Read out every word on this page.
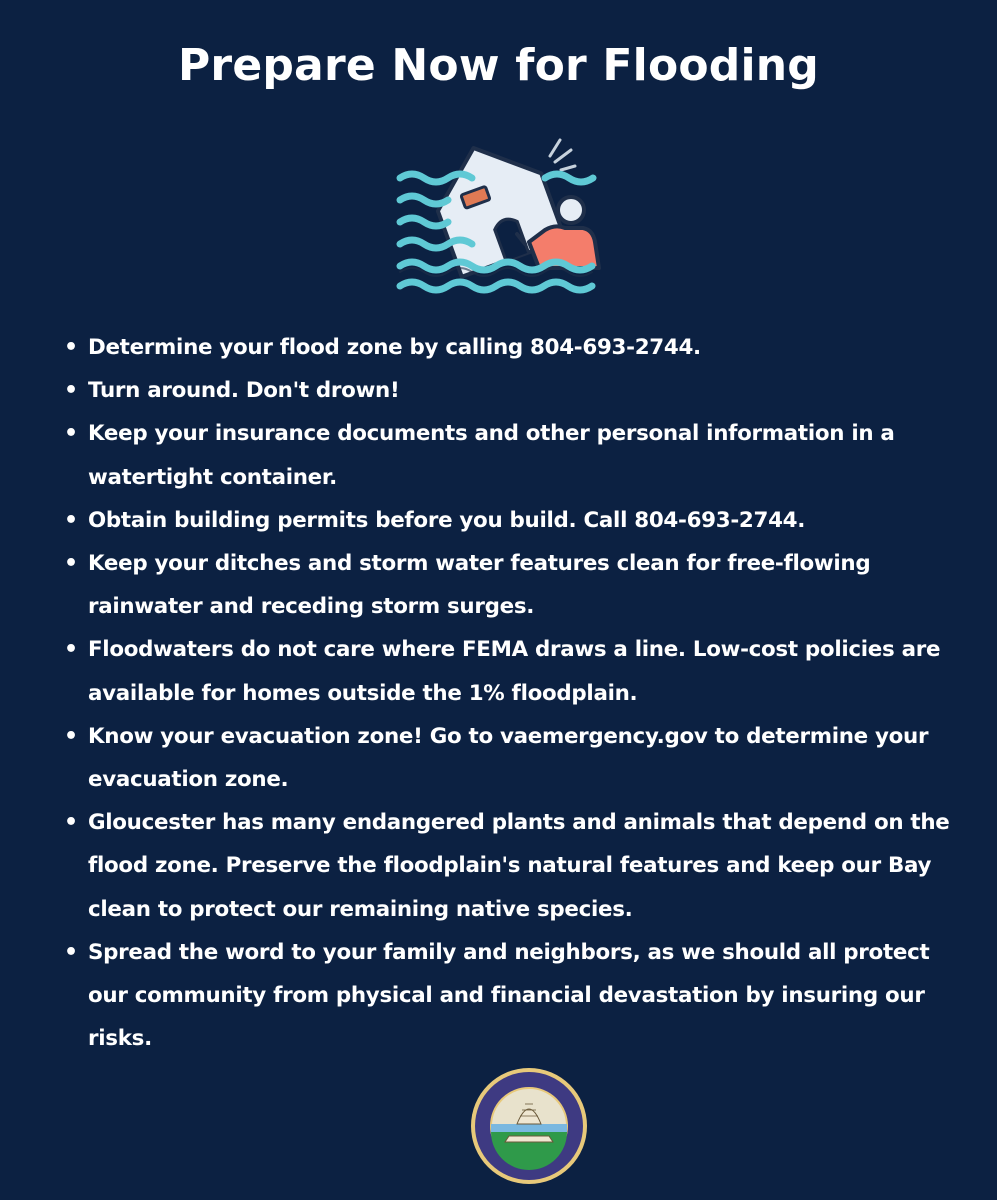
Prepare Now for Flooding
• Determine your flood zone by calling 804-693-2744.
• Turn around. Don't drown!
• Keep your insurance documents and other personal information in a watertight container.
• Obtain building permits before you build. Call 804-693-2744.
• Keep your ditches and storm water features clean for free-flowing rainwater and receding storm surges.
• Floodwaters do not care where FEMA draws a line. Low-cost policies are available for homes outside the 1% floodplain.
• Know your evacuation zone! Go to vaemergency.gov to determine your evacuation zone.
• Gloucester has many endangered plants and animals that depend on the flood zone. Preserve the floodplain's natural features and keep our Bay clean to protect our remaining native species.
• Spread the word to your family and neighbors, as we should all protect our community from physical and financial devastation by insuring our risks.
